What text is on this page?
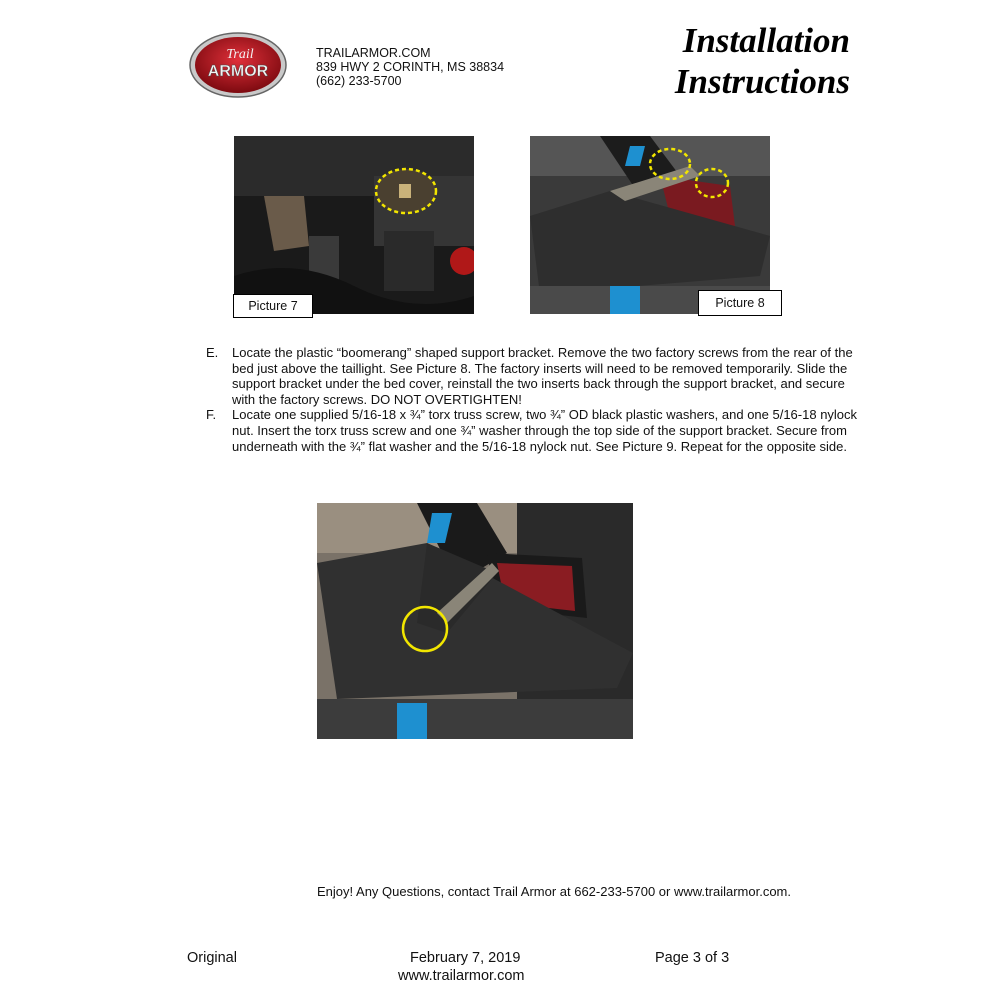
Trail
ARMOR
TRAILARMOR.COM
839 HWY 2 CORINTH, MS 38834
(662) 233-5700
Installation
Instructions
Picture 7	Picture 8
E.	Locate the plastic “boomerang” shaped support bracket. Remove the two factory screws from the rear of the bed just above the taillight. See Picture 8. The factory inserts will need to be removed temporarily. Slide the support bracket under the bed cover, reinstall the two inserts back through the support bracket, and secure with the factory screws. DO NOT OVERTIGHTEN!
F.	Locate one supplied 5/16-18 x ¾” torx truss screw, two ¾” OD black plastic washers, and one 5/16-18 nylock nut. Insert the torx truss screw and one ¾” washer through the top side of the support bracket. Secure from underneath with the ¾” flat washer and the 5/16-18 nylock nut. See Picture 9. Repeat for the opposite side.
Enjoy! Any Questions, contact Trail Armor at 662-233-5700 or www.trailarmor.com.
Original	February 7, 2019
www.trailarmor.com
Page 3 of 3
